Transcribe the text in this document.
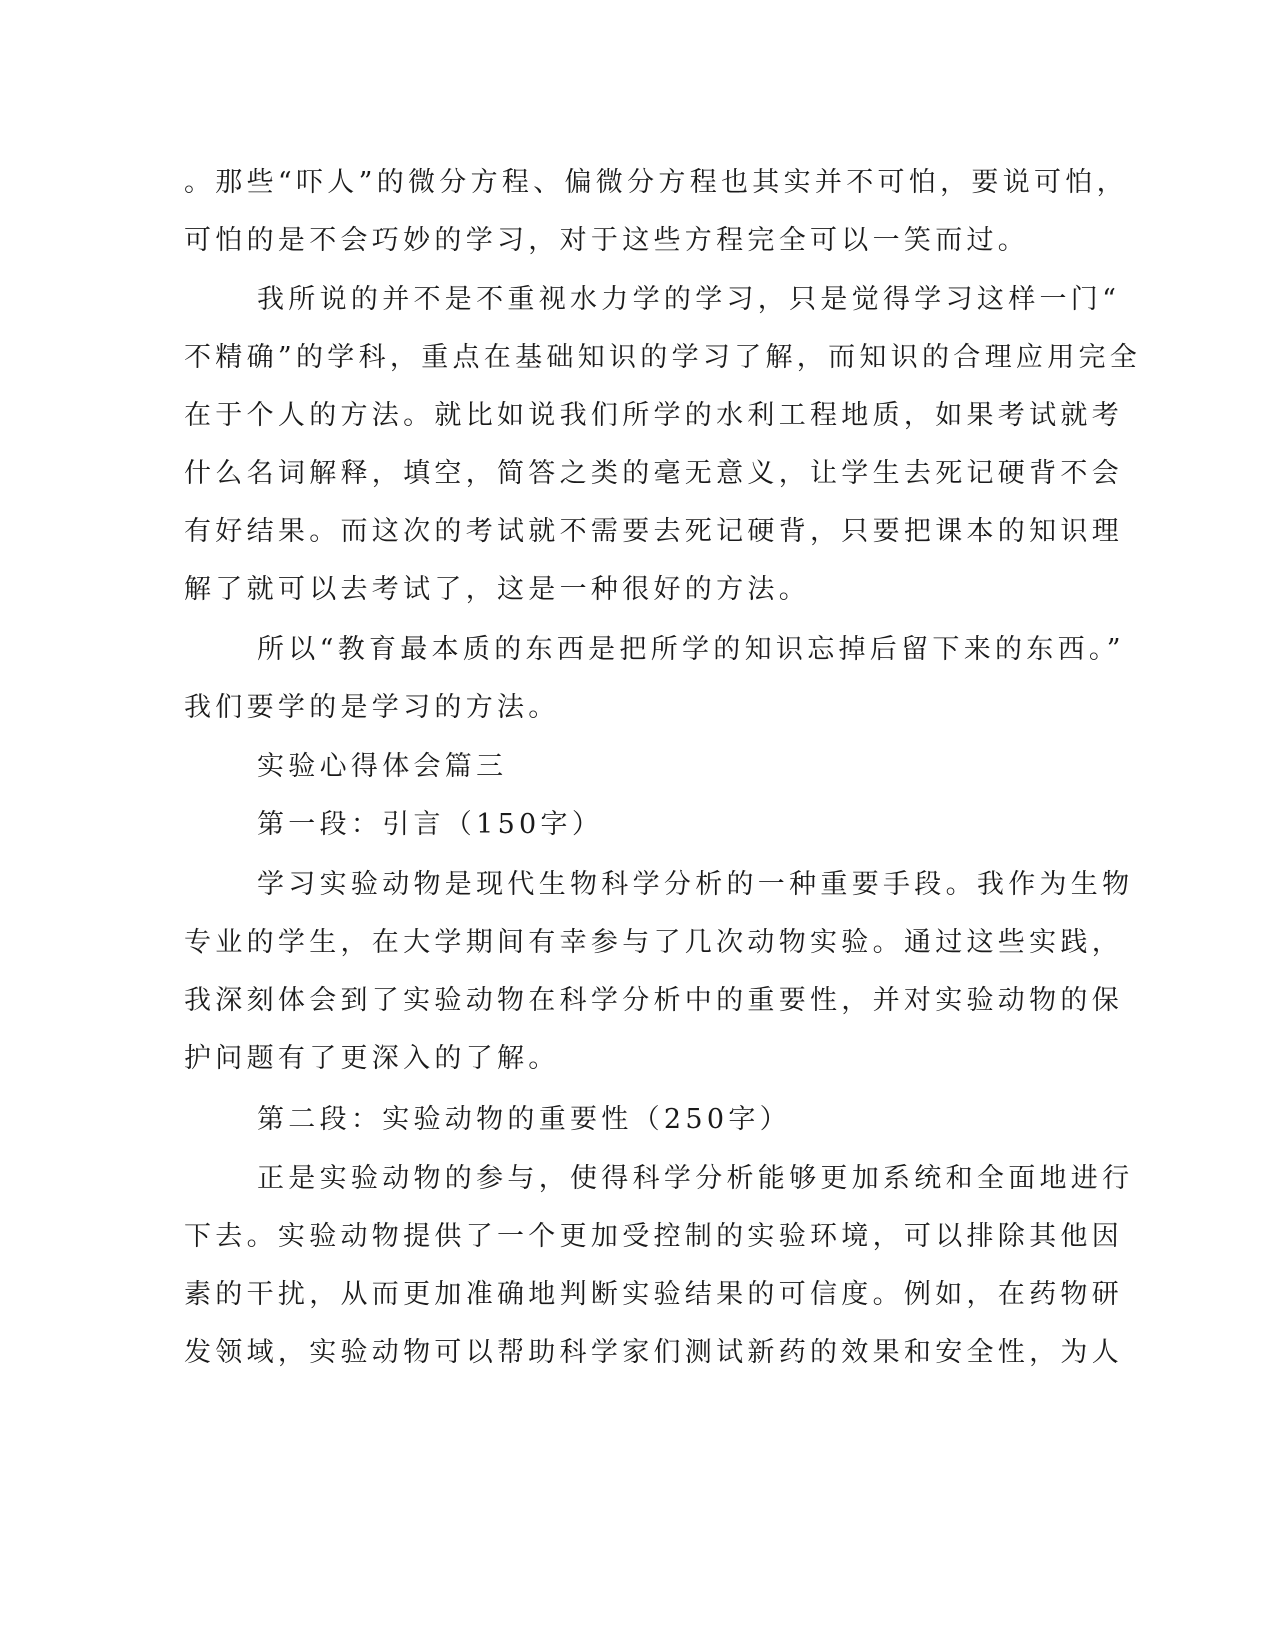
。那些“吓人”的微分方程、偏微分方程也其实并不可怕，要说可怕，

可怕的是不会巧妙的学习，对于这些方程完全可以一笑而过。

我所说的并不是不重视水力学的学习，只是觉得学习这样一门“

不精确”的学科，重点在基础知识的学习了解，而知识的合理应用完全

在于个人的方法。就比如说我们所学的水利工程地质，如果考试就考

什么名词解释，填空，简答之类的毫无意义，让学生去死记硬背不会

有好结果。而这次的考试就不需要去死记硬背，只要把课本的知识理

解了就可以去考试了，这是一种很好的方法。

所以“教育最本质的东西是把所学的知识忘掉后留下来的东西。”

我们要学的是学习的方法。

实验心得体会篇三

第一段：引言（150字）

学习实验动物是现代生物科学分析的一种重要手段。我作为生物

专业的学生，在大学期间有幸参与了几次动物实验。通过这些实践，

我深刻体会到了实验动物在科学分析中的重要性，并对实验动物的保

护问题有了更深入的了解。

第二段：实验动物的重要性（250字）

正是实验动物的参与，使得科学分析能够更加系统和全面地进行

下去。实验动物提供了一个更加受控制的实验环境，可以排除其他因

素的干扰，从而更加准确地判断实验结果的可信度。例如，在药物研

发领域，实验动物可以帮助科学家们测试新药的效果和安全性，为人
